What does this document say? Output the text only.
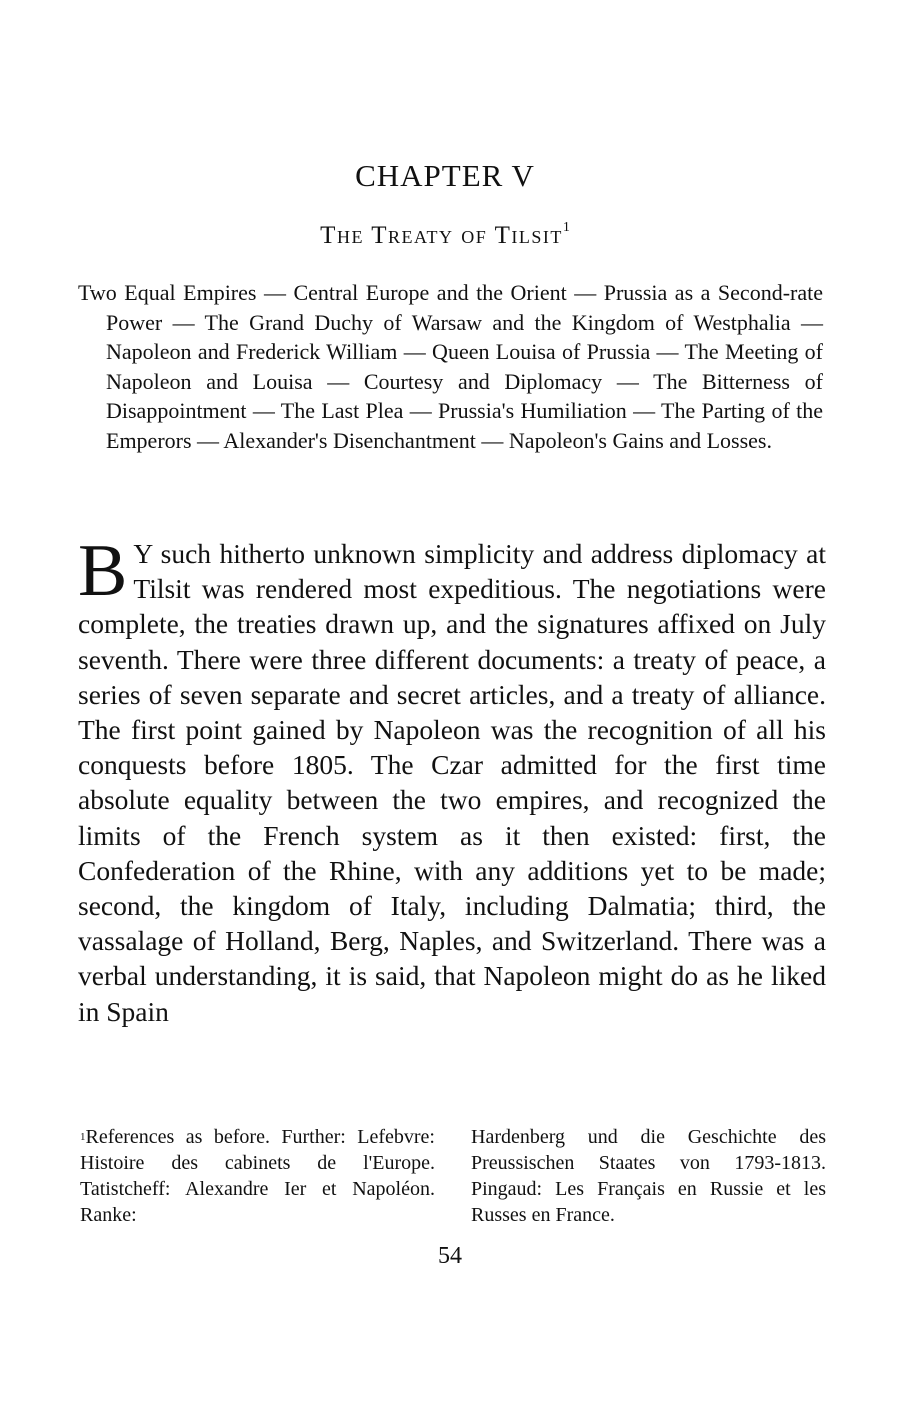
CHAPTER V
The Treaty of Tilsit$^1$
Two Equal Empires — Central Europe and the Orient — Prussia as a Second-rate Power — The Grand Duchy of Warsaw and the Kingdom of Westphalia — Napoleon and Frederick William — Queen Louisa of Prussia — The Meeting of Napoleon and Louisa — Courtesy and Diplomacy — The Bitterness of Disappointment — The Last Plea — Prussia's Humiliation — The Parting of the Emperors — Alexander's Disenchantment — Napoleon's Gains and Losses.
B Y such hitherto unknown simplicity and address diplomacy at Tilsit was rendered most expeditious. The negotiations were complete, the treaties drawn up, and the signatures affixed on July seventh. There were three different documents: a treaty of peace, a series of seven separate and secret articles, and a treaty of alliance. The first point gained by Napoleon was the recognition of all his conquests before 1805. The Czar admitted for the first time absolute equality between the two empires, and recognized the limits of the French system as it then existed: first, the Confederation of the Rhine, with any additions yet to be made; second, the kingdom of Italy, including Dalmatia; third, the vassalage of Holland, Berg, Naples, and Switzerland. There was a verbal understanding, it is said, that Napoleon might do as he liked in Spain
$^1$References as before. Further: Lefebvre: Histoire des cabinets de l'Europe. Tatistcheff: Alexandre Ier et Napoléon. Ranke:
Hardenberg und die Geschichte des Preussischen Staates von 1793-1813. Pingaud: Les Français en Russie et les Russes en France.
54
